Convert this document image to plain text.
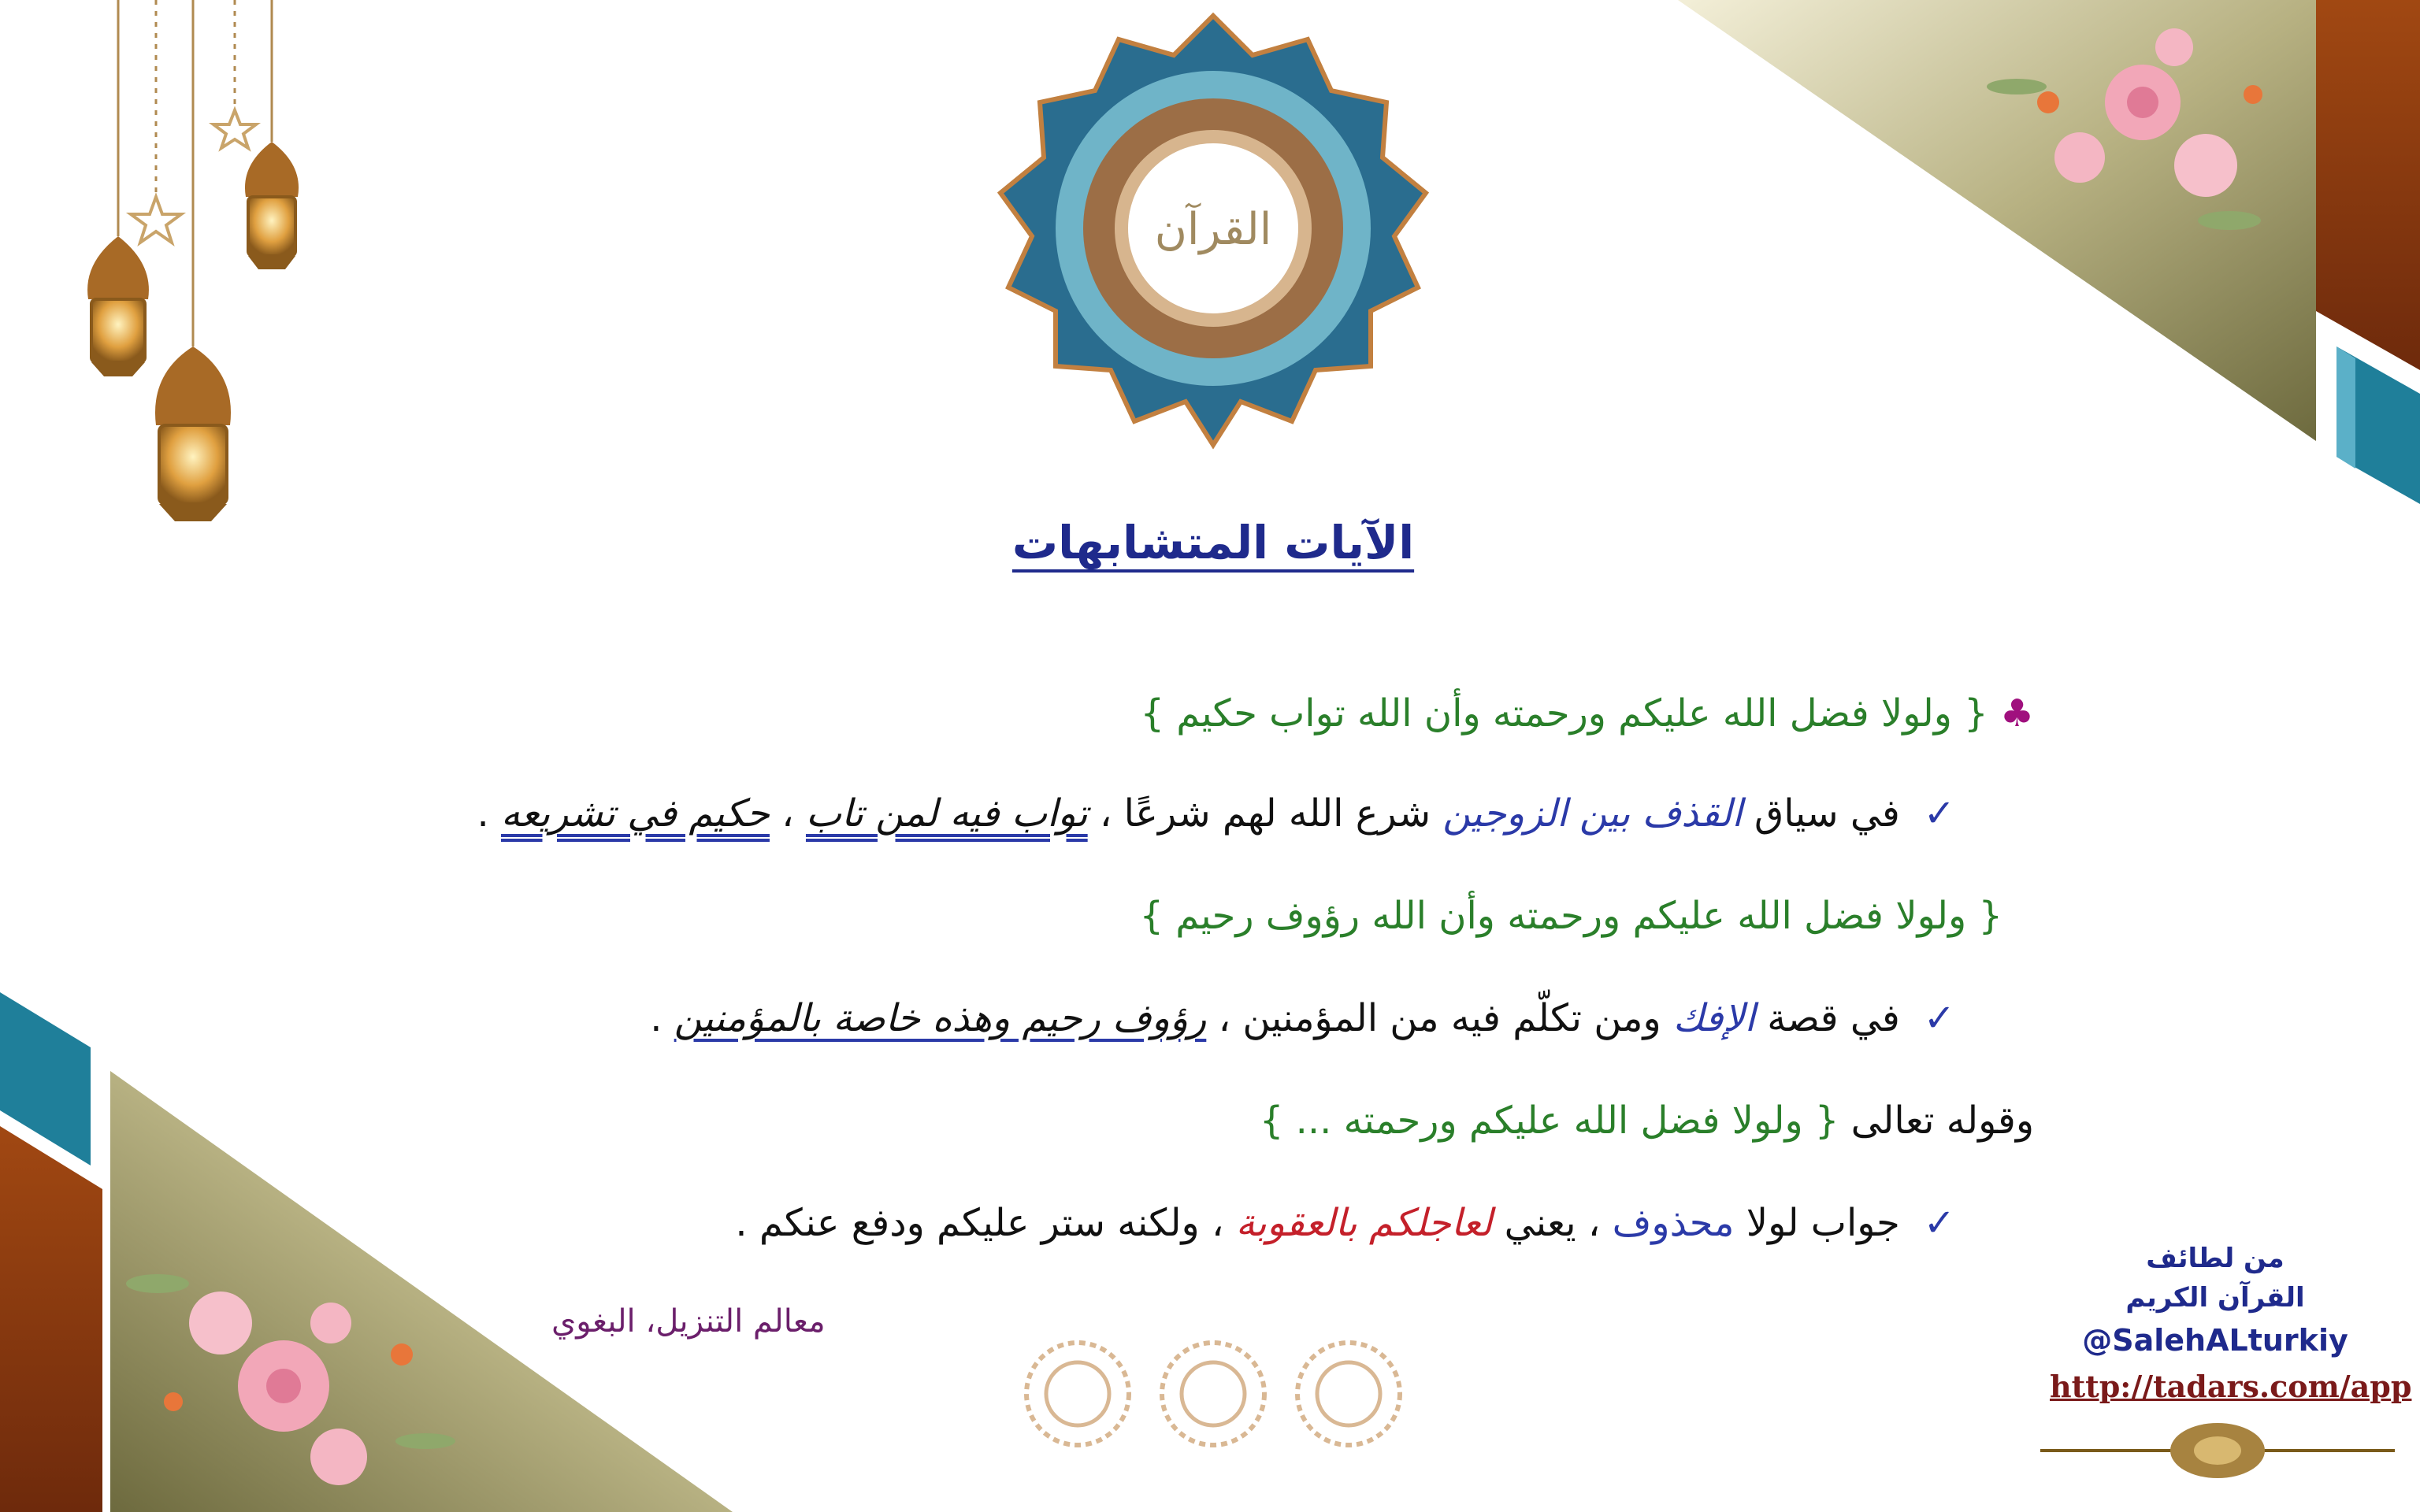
القرآن
الآيات المتشابهات
♣ { ولولا فضل الله عليكم ورحمته وأن الله تواب حكيم }
✓في سياق القذف بين الزوجين شرع الله لهم شرعًا ، تواب فيه لمن تاب ، حكيم في تشريعه .
{ ولولا فضل الله عليكم ورحمته وأن الله رؤوف رحيم }
✓في قصة الإفك ومن تكلّم فيه من المؤمنين ، رؤوف رحيم وهذه خاصة بالمؤمنين .
وقوله تعالى { ولولا فضل الله عليكم ورحمته ... }
✓جواب لولا محذوف ، يعني لعاجلكم بالعقوبة ، ولكنه ستر عليكم ودفع عنكم .
معالم التنزيل، البغوي
من لطائف
القرآن الكريم
@SalehALturkiy
http://tadars.com/app
